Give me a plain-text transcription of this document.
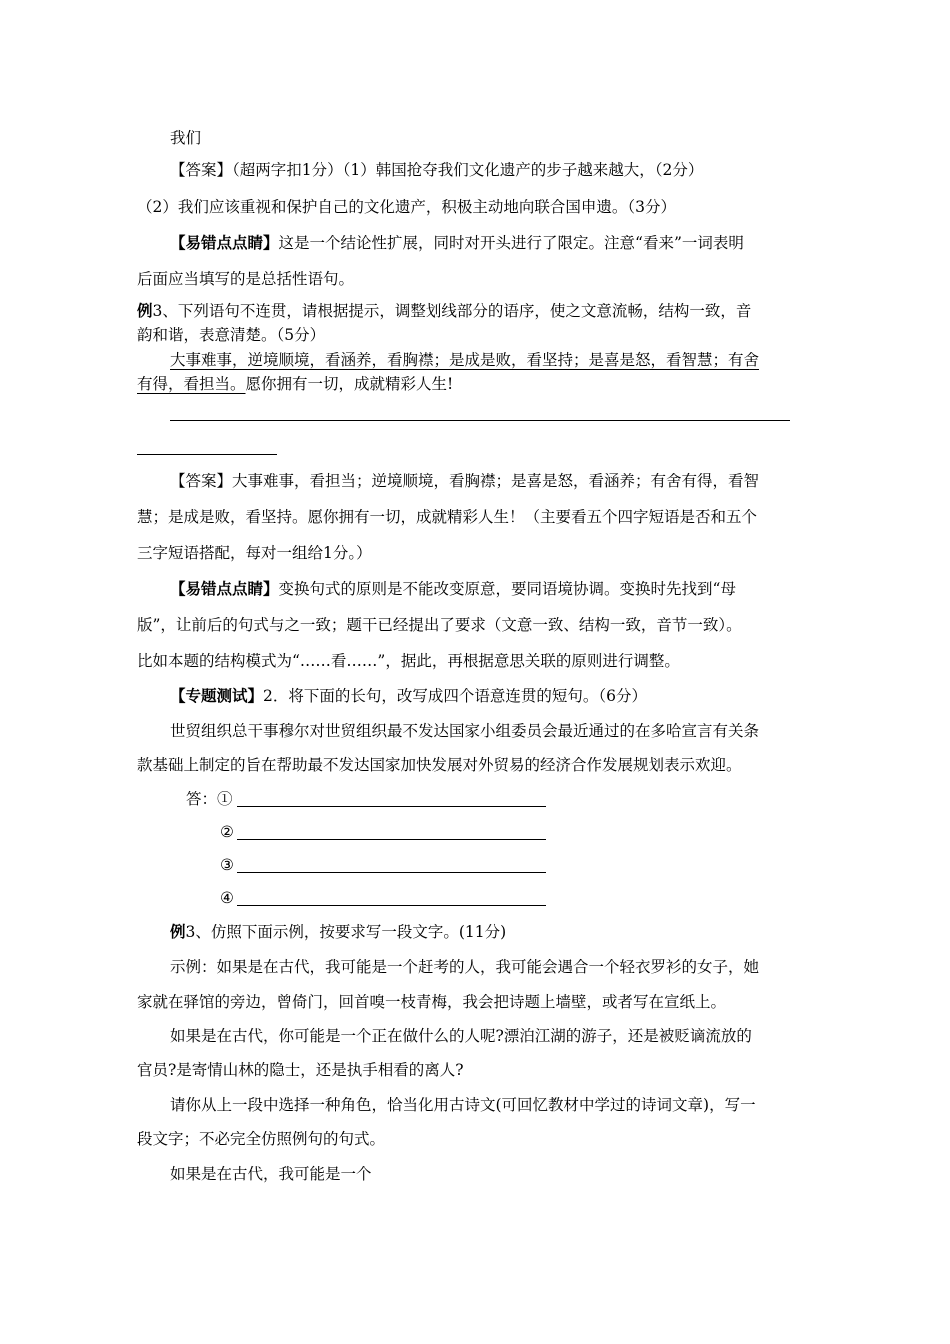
我们
【答案】（超两字扣1分）（1）韩国抢夺我们文化遗产的步子越来越大，（2分）
（2）我们应该重视和保护自己的文化遗产，积极主动地向联合国申遗。（3分）
【易错点点睛】这是一个结论性扩展，同时对开头进行了限定。注意“看来”一词表明
后面应当填写的是总括性语句。
例3、下列语句不连贯，请根据提示，调整划线部分的语序，使之文意流畅，结构一致，音
韵和谐，表意清楚。（5分）
大事难事，逆境顺境，看涵养，看胸襟；是成是败，看坚持；是喜是怒，看智慧；有舍
有得，看担当。愿你拥有一切，成就精彩人生!
【答案】大事难事，看担当；逆境顺境，看胸襟；是喜是怒，看涵养；有舍有得，看智
慧；是成是败，看坚持。愿你拥有一切，成就精彩人生！（主要看五个四字短语是否和五个
三字短语搭配，每对一组给1分。）
【易错点点睛】变换句式的原则是不能改变原意，要同语境协调。变换时先找到“母
版”，让前后的句式与之一致；题干已经提出了要求（文意一致、结构一致，音节一致）。
比如本题的结构模式为“……看……”，据此，再根据意思关联的原则进行调整。
【专题测试】2．将下面的长句，改写成四个语意连贯的短句。（6分）
世贸组织总干事穆尔对世贸组织最不发达国家小组委员会最近通过的在多哈宣言有关条
款基础上制定的旨在帮助最不发达国家加快发展对外贸易的经济合作发展规划表示欢迎。
答：①
②
③
④
例3、仿照下面示例，按要求写一段文字。(11分)
示例：如果是在古代，我可能是一个赶考的人，我可能会遇合一个轻衣罗衫的女子，她
家就在驿馆的旁边，曾倚门，回首嗅一枝青梅，我会把诗题上墙壁，或者写在宣纸上。
如果是在古代，你可能是一个正在做什么的人呢?漂泊江湖的游子，还是被贬谪流放的
官员?是寄情山林的隐士，还是执手相看的离人?
请你从上一段中选择一种角色，恰当化用古诗文(可回忆教材中学过的诗词文章)，写一
段文字；不必完全仿照例句的句式。
如果是在古代，我可能是一个
